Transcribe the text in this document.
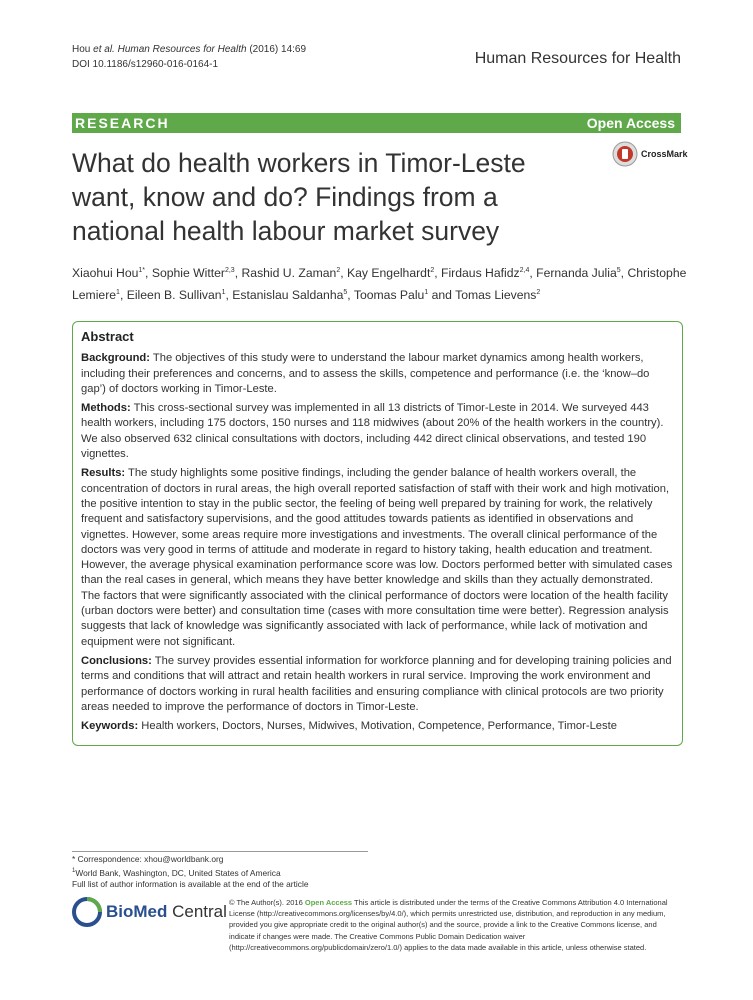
Hou et al. Human Resources for Health (2016) 14:69
DOI 10.1186/s12960-016-0164-1	Human Resources for Health
RESEARCH	Open Access
What do health workers in Timor-Leste
want, know and do? Findings from a
national health labour market survey
CrossMark
Xiaohui Hou$^{1*}$, Sophie Witter$^{2,3}$, Rashid U. Zaman$^2$, Kay Engelhardt$^2$, Firdaus Hafidz$^{2,4}$, Fernanda Julia$^5$, Christophe Lemiere$^1$, Eileen B. Sullivan$^1$, Estanislau Saldanha$^5$, Toomas Palu$^1$ and Tomas Lievens$^2$
Abstract

Background: The objectives of this study were to understand the labour market dynamics among health workers, including their preferences and concerns, and to assess the skills, competence and performance (i.e. the ‘know–do gap’) of doctors working in Timor-Leste.

Methods: This cross-sectional survey was implemented in all 13 districts of Timor-Leste in 2014. We surveyed 443 health workers, including 175 doctors, 150 nurses and 118 midwives (about 20% of the health workers in the country). We also observed 632 clinical consultations with doctors, including 442 direct clinical observations, and tested 190 vignettes.

Results: The study highlights some positive findings, including the gender balance of health workers overall, the concentration of doctors in rural areas, the high overall reported satisfaction of staff with their work and high motivation, the positive intention to stay in the public sector, the feeling of being well prepared by training for work, the relatively frequent and satisfactory supervisions, and the good attitudes towards patients as identified in observations and vignettes. However, some areas require more investigations and investments. The overall clinical performance of the doctors was very good in terms of attitude and moderate in regard to history taking, health education and treatment. However, the average physical examination performance score was low. Doctors performed better with simulated cases than the real cases in general, which means they have better knowledge and skills than they actually demonstrated. The factors that were significantly associated with the clinical performance of doctors were location of the health facility (urban doctors were better) and consultation time (cases with more consultation time were better). Regression analysis suggests that lack of knowledge was significantly associated with lack of performance, while lack of motivation and equipment were not significant.

Conclusions: The survey provides essential information for workforce planning and for developing training policies and terms and conditions that will attract and retain health workers in rural service. Improving the work environment and performance of doctors working in rural health facilities and ensuring compliance with clinical protocols are two priority areas needed to improve the performance of doctors in Timor-Leste.

Keywords: Health workers, Doctors, Nurses, Midwives, Motivation, Competence, Performance, Timor-Leste

* Correspondence: xhou@worldbank.org
$^1$World Bank, Washington, DC, United States of America
Full list of author information is available at the end of the article
BioMed Central © The Author(s). 2016 Open Access This article is distributed under the terms of the Creative Commons Attribution 4.0 International License (http://creativecommons.org/licenses/by/4.0/), which permits unrestricted use, distribution, and reproduction in any medium, provided you give appropriate credit to the original author(s) and the source, provide a link to the Creative Commons license, and indicate if changes were made. The Creative Commons Public Domain Dedication waiver (http://creativecommons.org/publicdomain/zero/1.0/) applies to the data made available in this article, unless otherwise stated.
